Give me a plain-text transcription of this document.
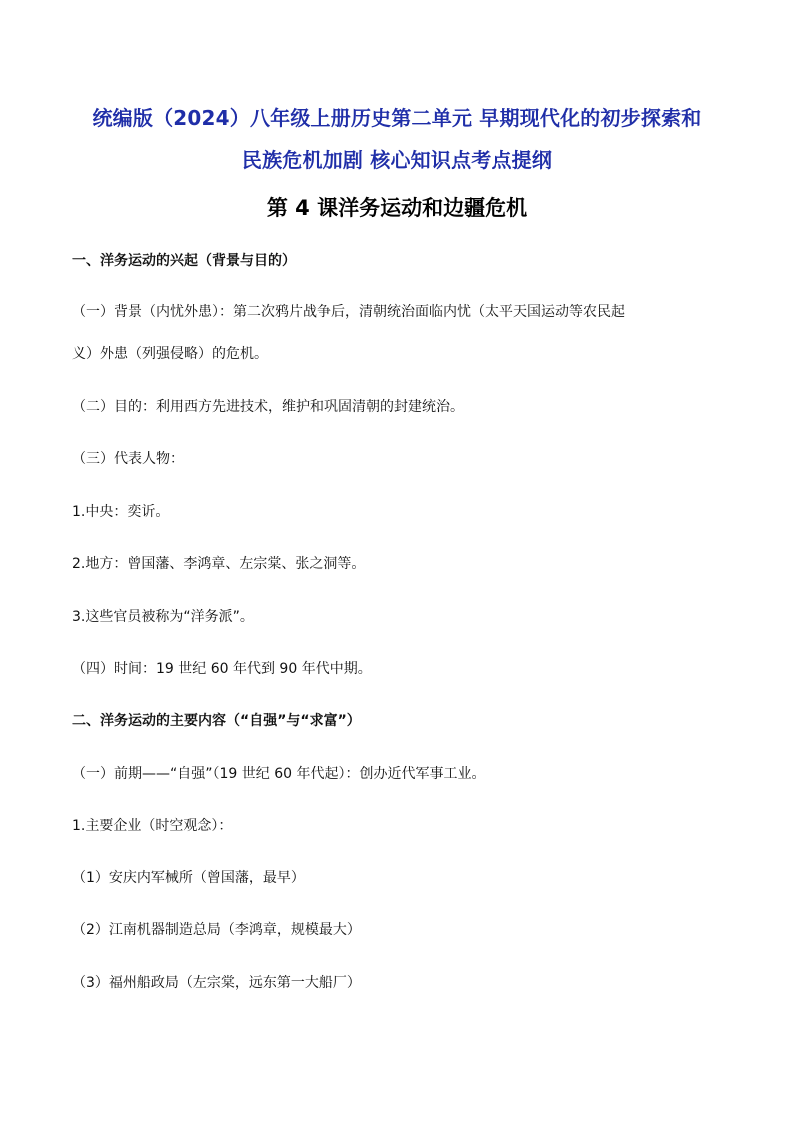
统编版（2024）八年级上册历史第二单元 早期现代化的初步探索和
民族危机加剧 核心知识点考点提纲
第 4 课洋务运动和边疆危机
一、洋务运动的兴起（背景与目的）
（一）背景（内忧外患）：第二次鸦片战争后，清朝统治面临内忧（太平天国运动等农民起
义）外患（列强侵略）的危机。
（二）目的：利用西方先进技术，维护和巩固清朝的封建统治。
（三）代表人物：
1.中央：奕䜣。
2.地方：曾国藩、李鸿章、左宗棠、张之洞等。
3.这些官员被称为“洋务派”。
（四）时间：19 世纪 60 年代到 90 年代中期。
二、洋务运动的主要内容（“自强”与“求富”）
（一）前期——“自强”（19 世纪 60 年代起）：创办近代军事工业。
1.主要企业（时空观念）：
（1）安庆内军械所（曾国藩，最早）
（2）江南机器制造总局（李鸿章，规模最大）
（3）福州船政局（左宗棠，远东第一大船厂）
